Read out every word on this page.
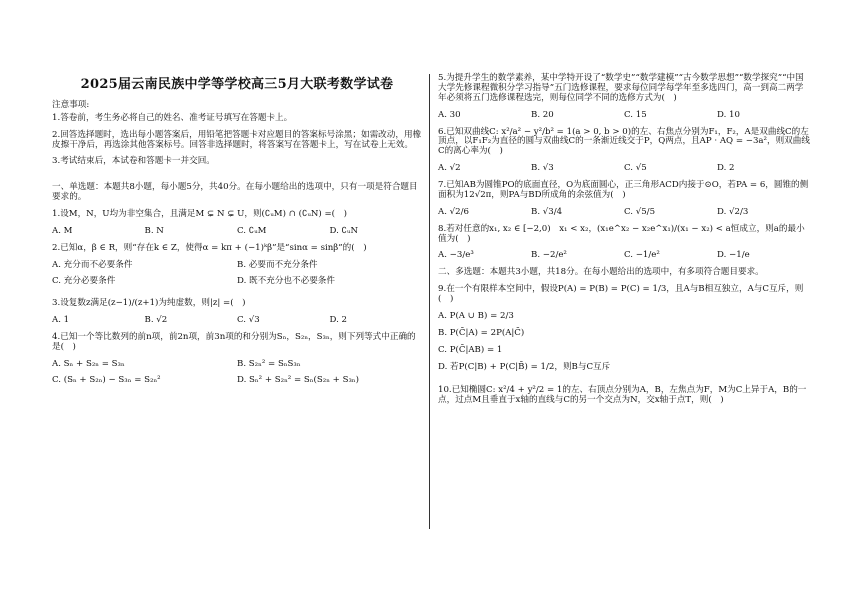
2025届云南民族中学等学校高三5月大联考数学试卷
注意事项:
1.答卷前，考生务必将自己的姓名、准考证号填写在答题卡上。
2.回答选择题时，选出每小题答案后，用铅笔把答题卡对应题目的答案标号涂黑；如需改动，用橡皮擦干净后，再选涂其他答案标号。回答非选择题时，将答案写在答题卡上，写在试卷上无效。
3.考试结束后，本试卷和答题卡一并交回。
一、单选题：本题共8小题，每小题5分，共40分。在每小题给出的选项中，只有一项是符合题目要求的。
1.设M，N，U均为非空集合，且满足M ⊊ N ⊊ U，则(∁ᵤM) ∩ (∁ᵤN) =(　)
A. M	B. N	C. ∁ᵤM	D. ∁ᵤN
2.已知α，β ∈ R，则“存在k ∈ Z，使得α = kπ + (−1)ᵏβ”是“sinα = sinβ”的(　)
A. 充分而不必要条件	B. 必要而不充分条件
C. 充分必要条件	D. 既不充分也不必要条件
3.设复数z满足(z−1)/(z+1)为纯虚数，则|z| =(　)
A. 1	B. √2	C. √3	D. 2
4.已知一个等比数列的前n项，前2n项，前3n项的和分别为Sₙ，S₂ₙ，S₃ₙ，则下列等式中正确的是(　)
A. Sₙ + S₂ₙ = S₃ₙ	B. S₂ₙ² = SₙS₃ₙ
C. (Sₙ + S₂ₙ) − S₃ₙ = S₂ₙ²	D. Sₙ² + S₂ₙ² = Sₙ(S₂ₙ + S₃ₙ)
5.为提升学生的数学素养，某中学特开设了“数学史”“数学建模”“古今数学思想”“数学探究”“中国大学先修课程微积分学习指导”五门选修课程，要求每位同学每学年至多选四门，高一到高二两学年必须将五门选修课程选完，则每位同学不同的选修方式为(　)
A. 30	B. 20	C. 15	D. 10
6.已知双曲线C: x²/a² − y²/b² = 1(a > 0, b > 0)的左、右焦点分别为F₁，F₂，A是双曲线C的左顶点，以F₁F₂为直径的圆与双曲线C的一条渐近线交于P，Q两点，且AP · AQ = −3a²，则双曲线C的离心率为(　)
A. √2	B. √3	C. √5	D. 2
7.已知AB为圆锥PO的底面直径，O为底面圆心，正三角形ACD内接于⊙O，若PA = 6，圆锥的侧面积为12√2π，则PA与BD所成角的余弦值为(　)
A. √2/6	B. √3/4	C. √5/5	D. √2/3
8.若对任意的x₁, x₂ ∈ [−2,0)　x₁ < x₂，(x₁e^x₂ − x₂e^x₁)/(x₁ − x₂) < a恒成立，则a的最小值为(　)
A. −3/e³	B. −2/e²	C. −1/e²	D. −1/e
二、多选题：本题共3小题，共18分。在每小题给出的选项中，有多项符合题目要求。
9.在一个有限样本空间中，假设P(A) = P(B) = P(C) = 1/3，且A与B相互独立，A与C互斥，则(　)
A. P(A ∪ B) = 2/3
B. P(C̄|A) = 2P(A|C̄)
C. P(C̄|AB) = 1
D. 若P(C|B) + P(C|B̄) = 1/2，则B与C互斥
10.已知椭圆C: x²/4 + y²/2 = 1的左、右顶点分别为A，B，左焦点为F，M为C上异于A，B的一点，过点M且垂直于x轴的直线与C的另一个交点为N，交x轴于点T，则(　)
